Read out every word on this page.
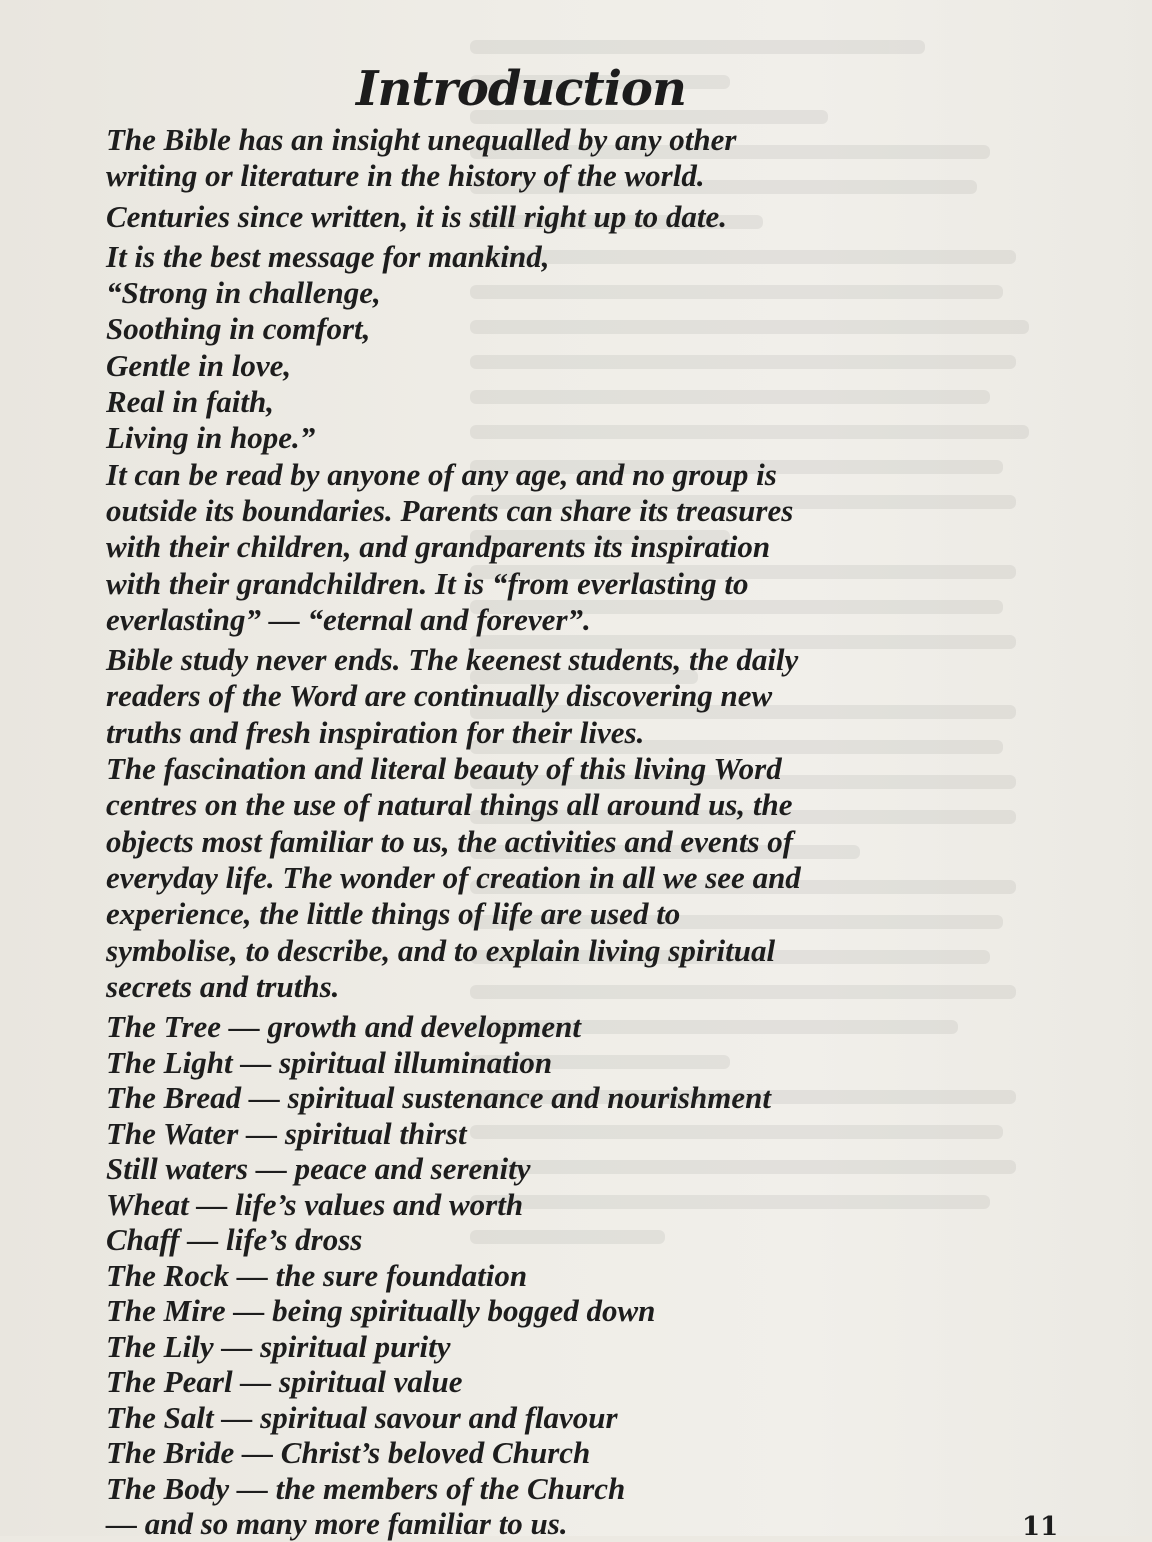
Introduction
The Bible has an insight unequalled by any other
writing or literature in the history of the world.
Centuries since written, it is still right up to date.
It is the best message for mankind,
“Strong in challenge,
Soothing in comfort,
Gentle in love,
Real in faith,
Living in hope.”
It can be read by anyone of any age, and no group is
outside its boundaries. Parents can share its treasures
with their children, and grandparents its inspiration
with their grandchildren. It is “from everlasting to
everlasting” — “eternal and forever”.
Bible study never ends. The keenest students, the daily
readers of the Word are continually discovering new
truths and fresh inspiration for their lives.
The fascination and literal beauty of this living Word
centres on the use of natural things all around us, the
objects most familiar to us, the activities and events of
everyday life. The wonder of creation in all we see and
experience, the little things of life are used to
symbolise, to describe, and to explain living spiritual
secrets and truths.
The Tree — growth and development
The Light — spiritual illumination
The Bread — spiritual sustenance and nourishment
The Water — spiritual thirst
Still waters — peace and serenity
Wheat — life’s values and worth
Chaff — life’s dross
The Rock — the sure foundation
The Mire — being spiritually bogged down
The Lily — spiritual purity
The Pearl — spiritual value
The Salt — spiritual savour and flavour
The Bride — Christ’s beloved Church
The Body — the members of the Church
— and so many more familiar to us.	11
